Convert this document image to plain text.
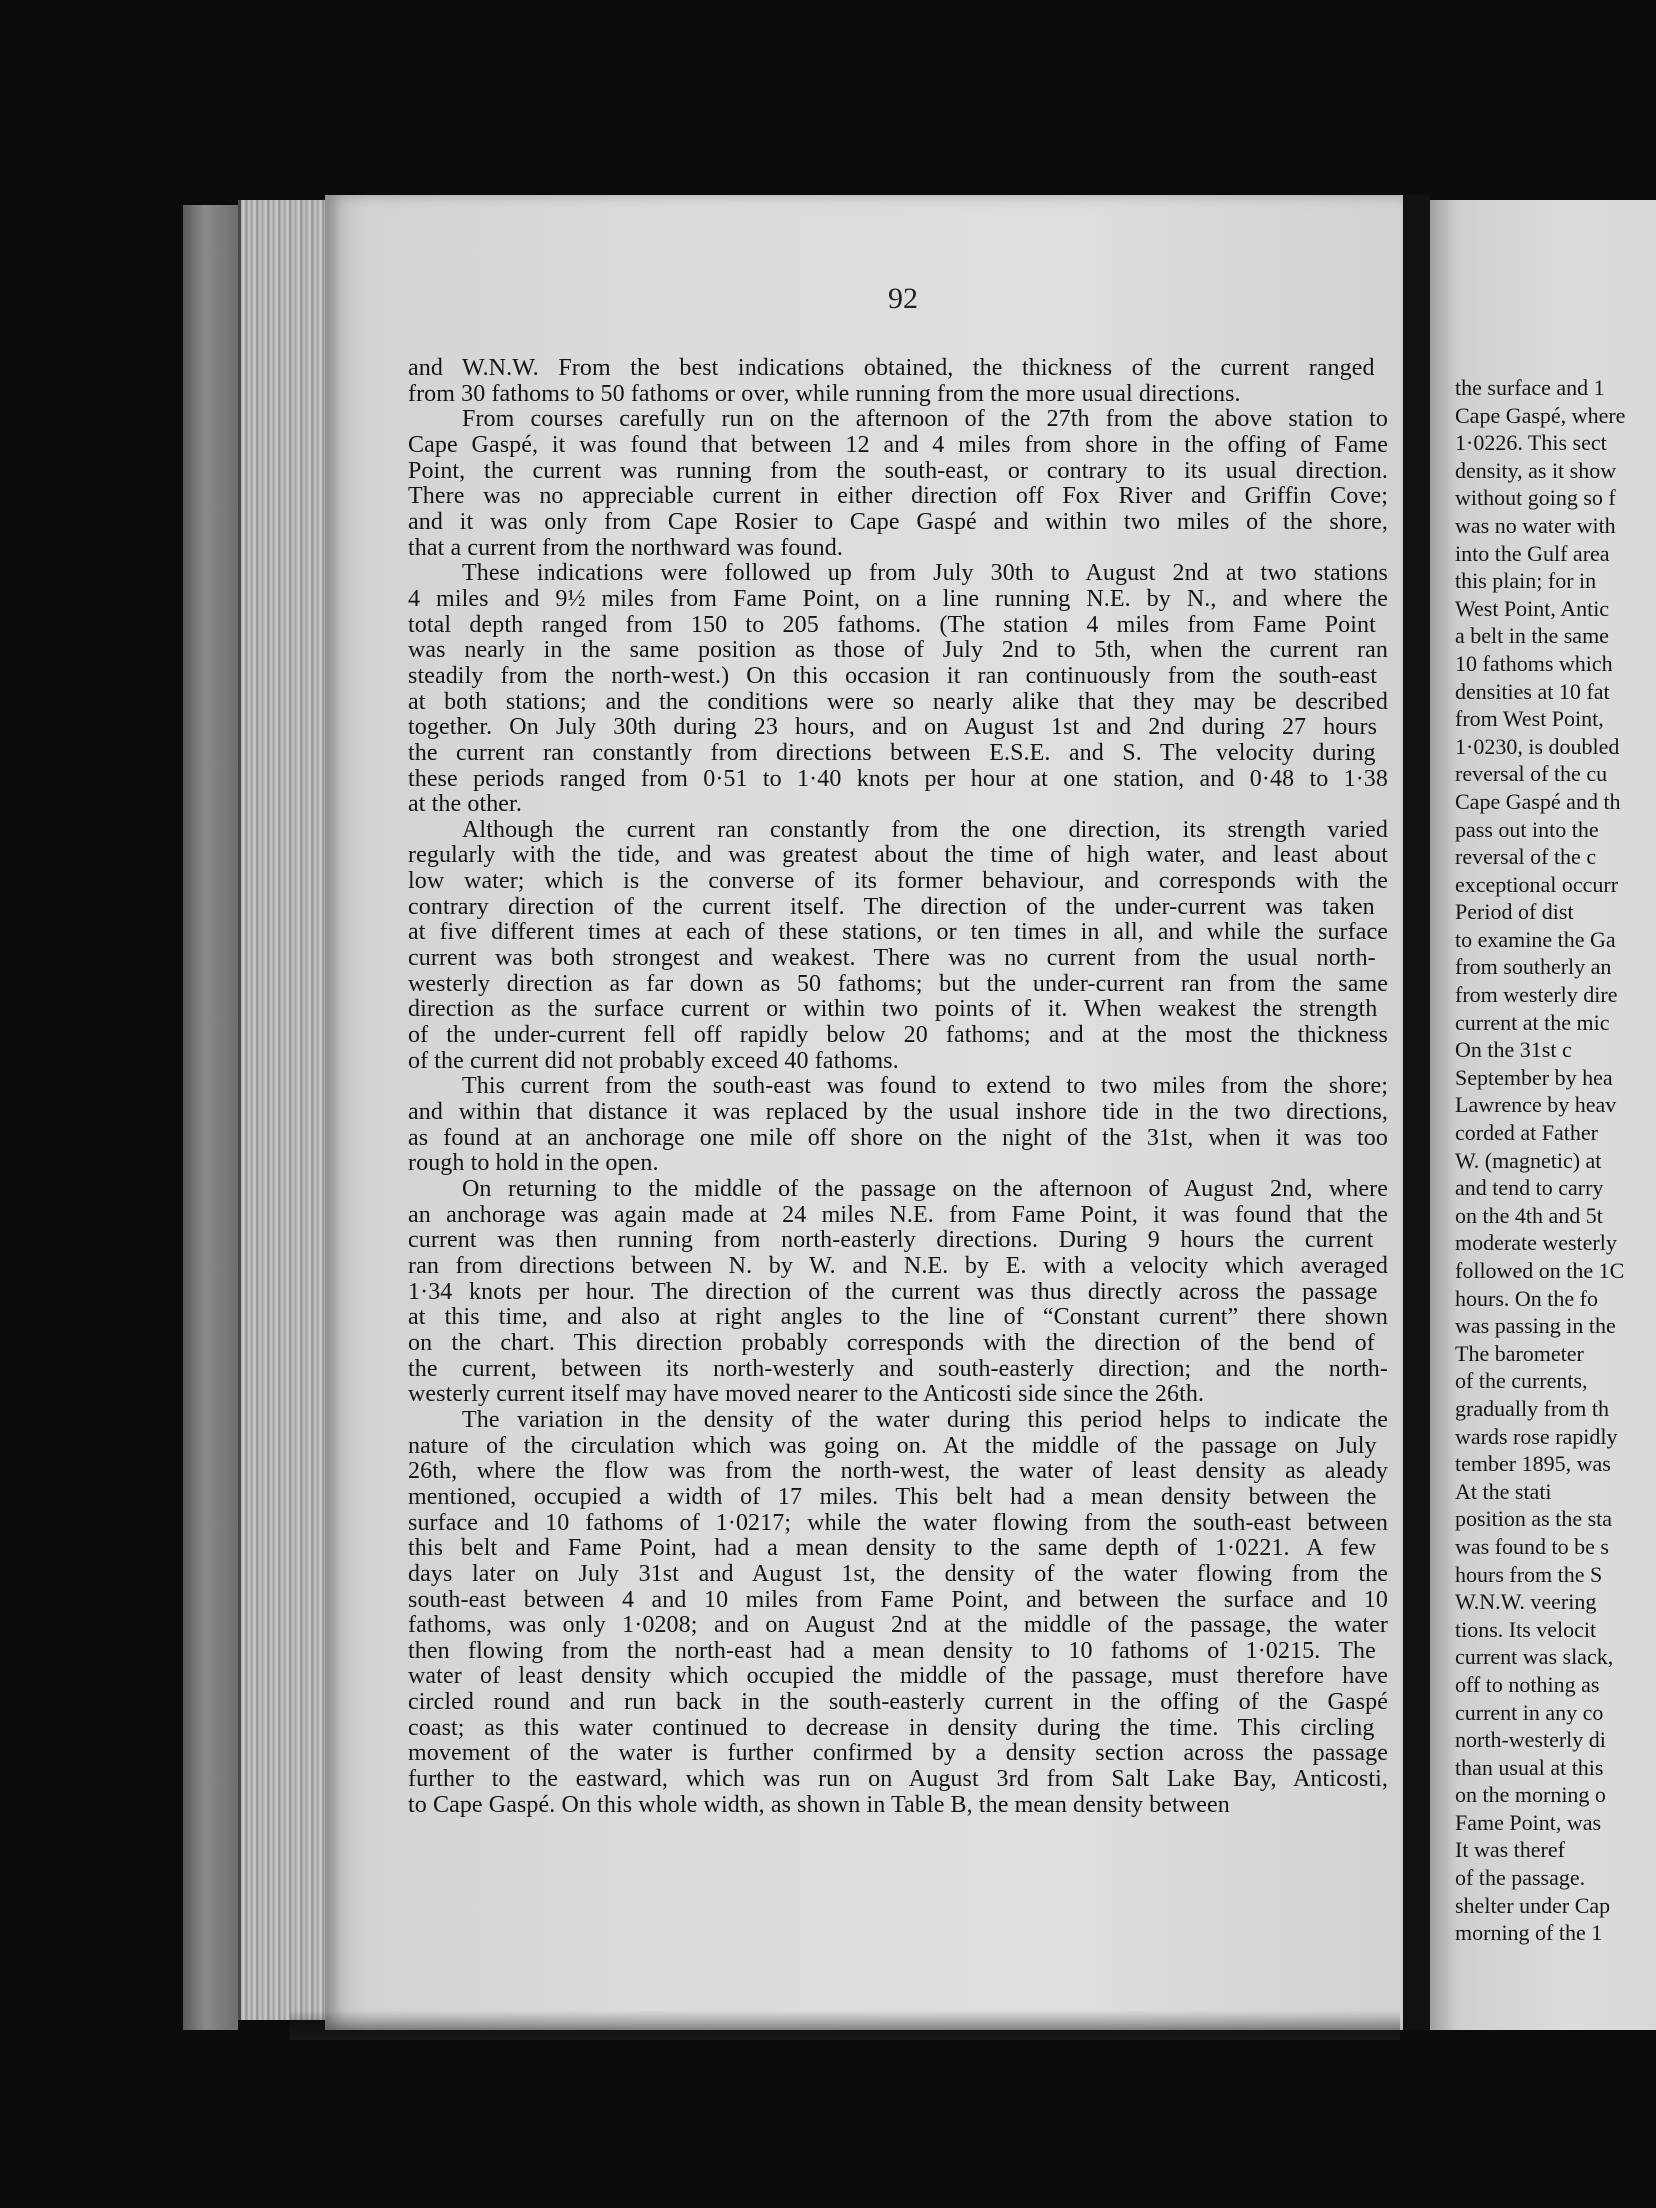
92
and W.N.W. From the best indications obtained, the thickness of the current ranged
from 30 fathoms to 50 fathoms or over, while running from the more usual directions.
From courses carefully run on the afternoon of the 27th from the above station to
Cape Gaspé, it was found that between 12 and 4 miles from shore in the offing of Fame
Point, the current was running from the south-east, or contrary to its usual direction.
There was no appreciable current in either direction off Fox River and Griffin Cove;
and it was only from Cape Rosier to Cape Gaspé and within two miles of the shore,
that a current from the northward was found.
These indications were followed up from July 30th to August 2nd at two stations
4 miles and 9½ miles from Fame Point, on a line running N.E. by N., and where the
total depth ranged from 150 to 205 fathoms. (The station 4 miles from Fame Point
was nearly in the same position as those of July 2nd to 5th, when the current ran
steadily from the north-west.) On this occasion it ran continuously from the south-east
at both stations; and the conditions were so nearly alike that they may be described
together. On July 30th during 23 hours, and on August 1st and 2nd during 27 hours
the current ran constantly from directions between E.S.E. and S. The velocity during
these periods ranged from 0·51 to 1·40 knots per hour at one station, and 0·48 to 1·38
at the other.
Although the current ran constantly from the one direction, its strength varied
regularly with the tide, and was greatest about the time of high water, and least about
low water; which is the converse of its former behaviour, and corresponds with the
contrary direction of the current itself. The direction of the under-current was taken
at five different times at each of these stations, or ten times in all, and while the surface
current was both strongest and weakest. There was no current from the usual north-
westerly direction as far down as 50 fathoms; but the under-current ran from the same
direction as the surface current or within two points of it. When weakest the strength
of the under-current fell off rapidly below 20 fathoms; and at the most the thickness
of the current did not probably exceed 40 fathoms.
This current from the south-east was found to extend to two miles from the shore;
and within that distance it was replaced by the usual inshore tide in the two directions,
as found at an anchorage one mile off shore on the night of the 31st, when it was too
rough to hold in the open.
On returning to the middle of the passage on the afternoon of August 2nd, where
an anchorage was again made at 24 miles N.E. from Fame Point, it was found that the
current was then running from north-easterly directions. During 9 hours the current
ran from directions between N. by W. and N.E. by E. with a velocity which averaged
1·34 knots per hour. The direction of the current was thus directly across the passage
at this time, and also at right angles to the line of “Constant current” there shown
on the chart. This direction probably corresponds with the direction of the bend of
the current, between its north-westerly and south-easterly direction; and the north-
westerly current itself may have moved nearer to the Anticosti side since the 26th.
The variation in the density of the water during this period helps to indicate the
nature of the circulation which was going on. At the middle of the passage on July
26th, where the flow was from the north-west, the water of least density as aleady
mentioned, occupied a width of 17 miles. This belt had a mean density between the
surface and 10 fathoms of 1·0217; while the water flowing from the south-east between
this belt and Fame Point, had a mean density to the same depth of 1·0221. A few
days later on July 31st and August 1st, the density of the water flowing from the
south-east between 4 and 10 miles from Fame Point, and between the surface and 10
fathoms, was only 1·0208; and on August 2nd at the middle of the passage, the water
then flowing from the north-east had a mean density to 10 fathoms of 1·0215. The
water of least density which occupied the middle of the passage, must therefore have
circled round and run back in the south-easterly current in the offing of the Gaspé
coast; as this water continued to decrease in density during the time. This circling
movement of the water is further confirmed by a density section across the passage
further to the eastward, which was run on August 3rd from Salt Lake Bay, Anticosti,
to Cape Gaspé. On this whole width, as shown in Table B, the mean density between
the surface and 1
Cape Gaspé, where
1·0226. This sect
density, as it show
without going so f
was no water with
into the Gulf area
this plain; for in
West Point, Antic
a belt in the same
10 fathoms which
densities at 10 fat
from West Point,
1·0230, is doubled
reversal of the cu
Cape Gaspé and th
pass out into the
reversal of the c
exceptional occurr
Period of dist
to examine the Ga
from southerly an
from westerly dire
current at the mic
On the 31st c
September by hea
Lawrence by heav
corded at Father
W. (magnetic) at
and tend to carry
on the 4th and 5t
moderate westerly
followed on the 1C
hours. On the fo
was passing in the
The barometer
of the currents,
gradually from th
wards rose rapidly
tember 1895, was
At the stati
position as the sta
was found to be s
hours from the S
W.N.W. veering
tions. Its velocit
current was slack,
off to nothing as
current in any co
north-westerly di
than usual at this
on the morning o
Fame Point, was
It was theref
of the passage.
shelter under Cap
morning of the 1
